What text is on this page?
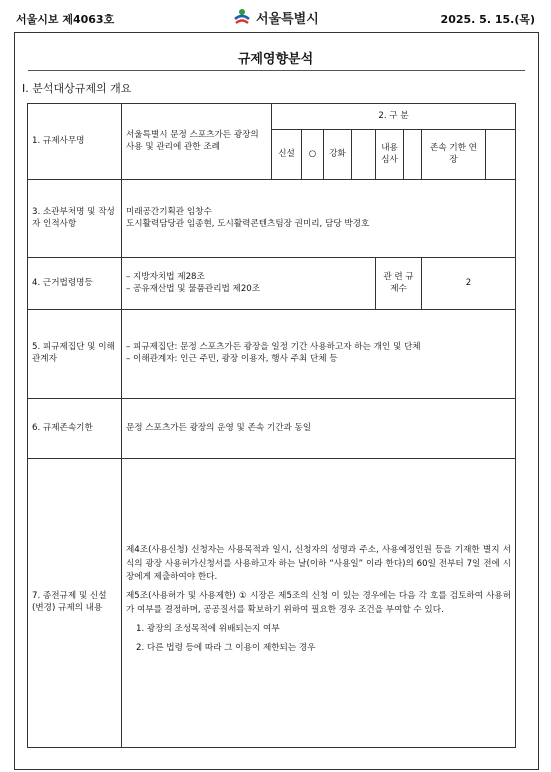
서울시보 제4063호	서울특별시	2025. 5. 15.(목)
규제영향분석
Ⅰ. 분석대상규제의 개요
1. 규제사무명	서울특별시 문정 스포츠가든 광장의 사용 및 관리에 관한 조례	2. 구 분							
		신설	○	강화		내용 심사		존속 기한 연장	
3. 소관부처명 및 작성자 인적사항	미래공간기획관 임창수

도시활력담당관 임종현, 도시활력콘텐츠팀장 권미리, 담당 박경호								

4. 근거법령명등	– 지방자치법 제28조

– 공유재산법 및 물품관리법 제20조					관 련 규제수		2	
5. 피규제집단 및 이해관계자	– 피규제집단: 문정 스포츠가든 광장을 일정 기간 사용하고자 하는 개인 및 단체

– 이해관계자: 인근 주민, 광장 이용자, 행사 주최 단체 등								

6. 규제존속기한	문정 스포츠가든 광장의 운영 및 존속 기간과 동일								
7. 종전규제 및 신설(변경) 규제의 내용	제4조(사용신청) 신청자는 사용목적과 일시, 신청자의 성명과 주소, 사용예정인원 등을 기재한 별지 서식의 광장 사용허가신청서를 사용하고자 하는 날(이하 “사용일” 이라 한다)의 60일 전부터 7일 전에 시장에게 제출하여야 한다.

제5조(사용허가 및 사용제한) ① 시장은 제5조의 신청 이 있는 경우에는 다음 각 호를 검토하여 사용허가 여부를 결정하며, 공공질서를 확보하기 위하여 필요한 경우 조건을 부여할 수 있다.

1. 광장의 조성목적에 위배되는지 여부

2. 다른 법령 등에 따라 그 이용이 제한되는 경우								
